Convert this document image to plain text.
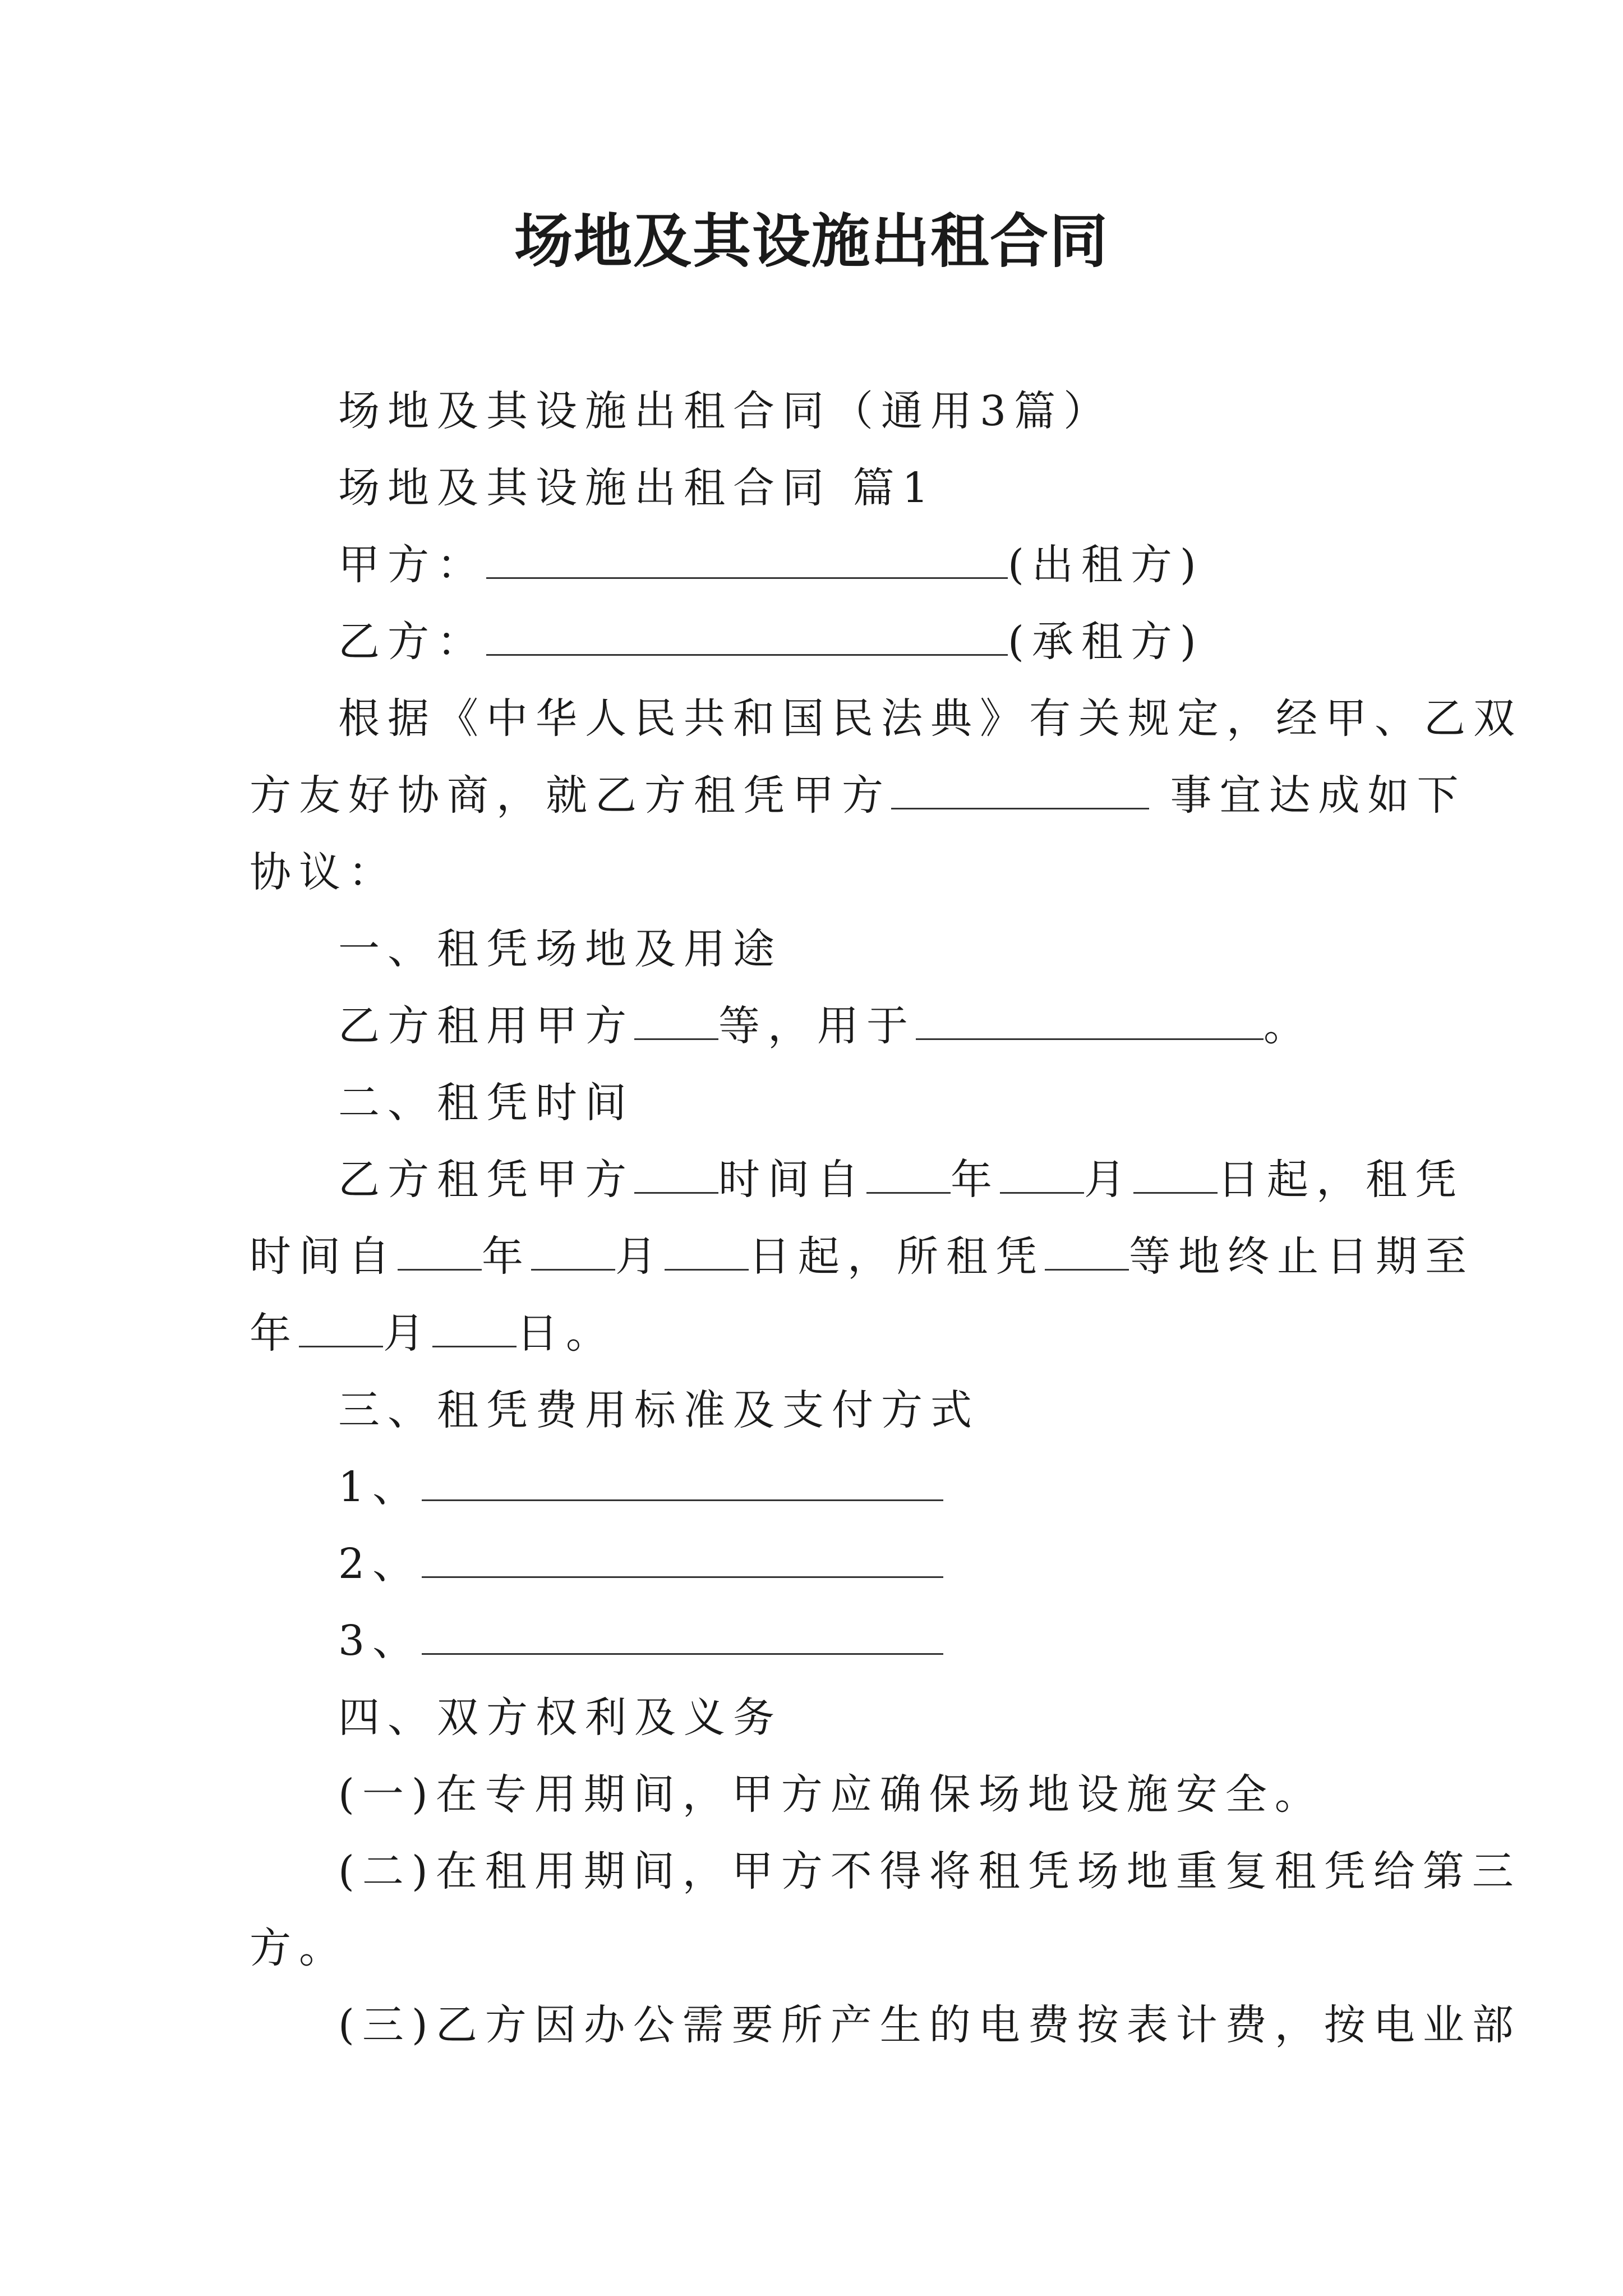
场地及其设施出租合同

场地及其设施出租合同（通用3篇）

场地及其设施出租合同 篇1

甲方：	(出租方)

乙方：	(承租方)

根据《中华人民共和国民法典》有关规定，经甲、乙双

方友好协商，就乙方租凭甲方	事宜达成如下

协议：

一、租凭场地及用途

乙方租用甲方 等，用于	。

二、租凭时间

乙方租凭甲方 时间自 年 月 日起，租凭

时间自 年 月 日起，所租凭 等地终止日期至

年 月 日。

三、租凭费用标准及支付方式

1、

2、

3、

四、双方权利及义务

(一)在专用期间，甲方应确保场地设施安全。

(二)在租用期间，甲方不得将租凭场地重复租凭给第三

方。

(三)乙方因办公需要所产生的电费按表计费，按电业部
